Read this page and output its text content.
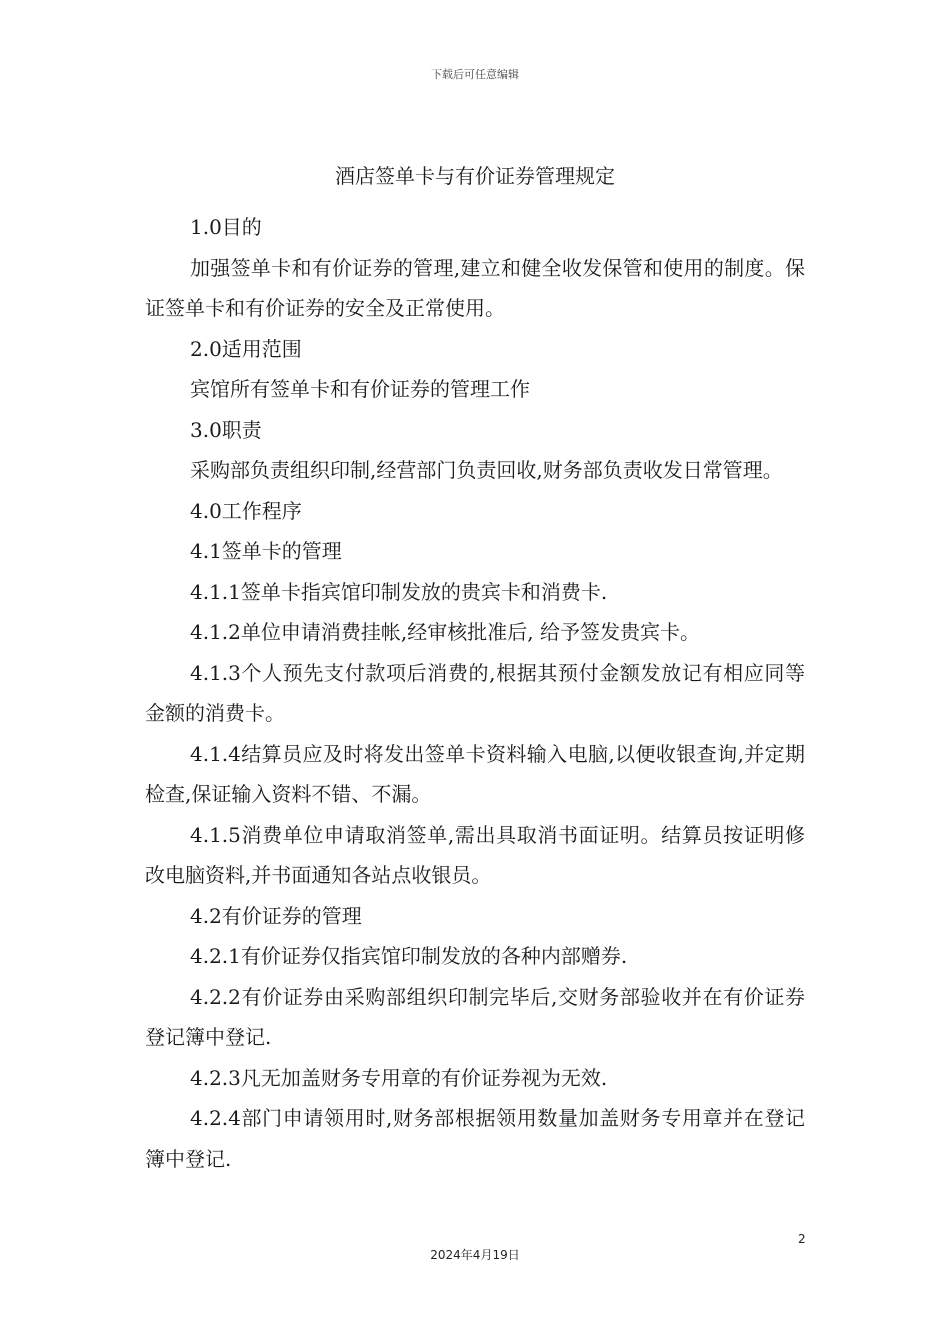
下载后可任意编辑
酒店签单卡与有价证券管理规定

1.0目的

加强签单卡和有价证券的管理,建立和健全收发保管和使用的制度。保证签单卡和有价证券的安全及正常使用。

2.0适用范围

宾馆所有签单卡和有价证券的管理工作

3.0职责

采购部负责组织印制,经营部门负责回收,财务部负责收发日常管理。

4.0工作程序

4.1签单卡的管理

4.1.1签单卡指宾馆印制发放的贵宾卡和消费卡.

4.1.2单位申请消费挂帐,经审核批准后, 给予签发贵宾卡。

4.1.3个人预先支付款项后消费的,根据其预付金额发放记有相应同等金额的消费卡。

4.1.4结算员应及时将发出签单卡资料输入电脑,以便收银查询,并定期检查,保证输入资料不错、不漏。

4.1.5消费单位申请取消签单,需出具取消书面证明。结算员按证明修改电脑资料,并书面通知各站点收银员。

4.2有价证券的管理

4.2.1有价证券仅指宾馆印制发放的各种内部赠券.

4.2.2有价证券由采购部组织印制完毕后,交财务部验收并在有价证券登记簿中登记.

4.2.3凡无加盖财务专用章的有价证券视为无效.

4.2.4部门申请领用时,财务部根据领用数量加盖财务专用章并在登记簿中登记.

2
2024年4月19日
